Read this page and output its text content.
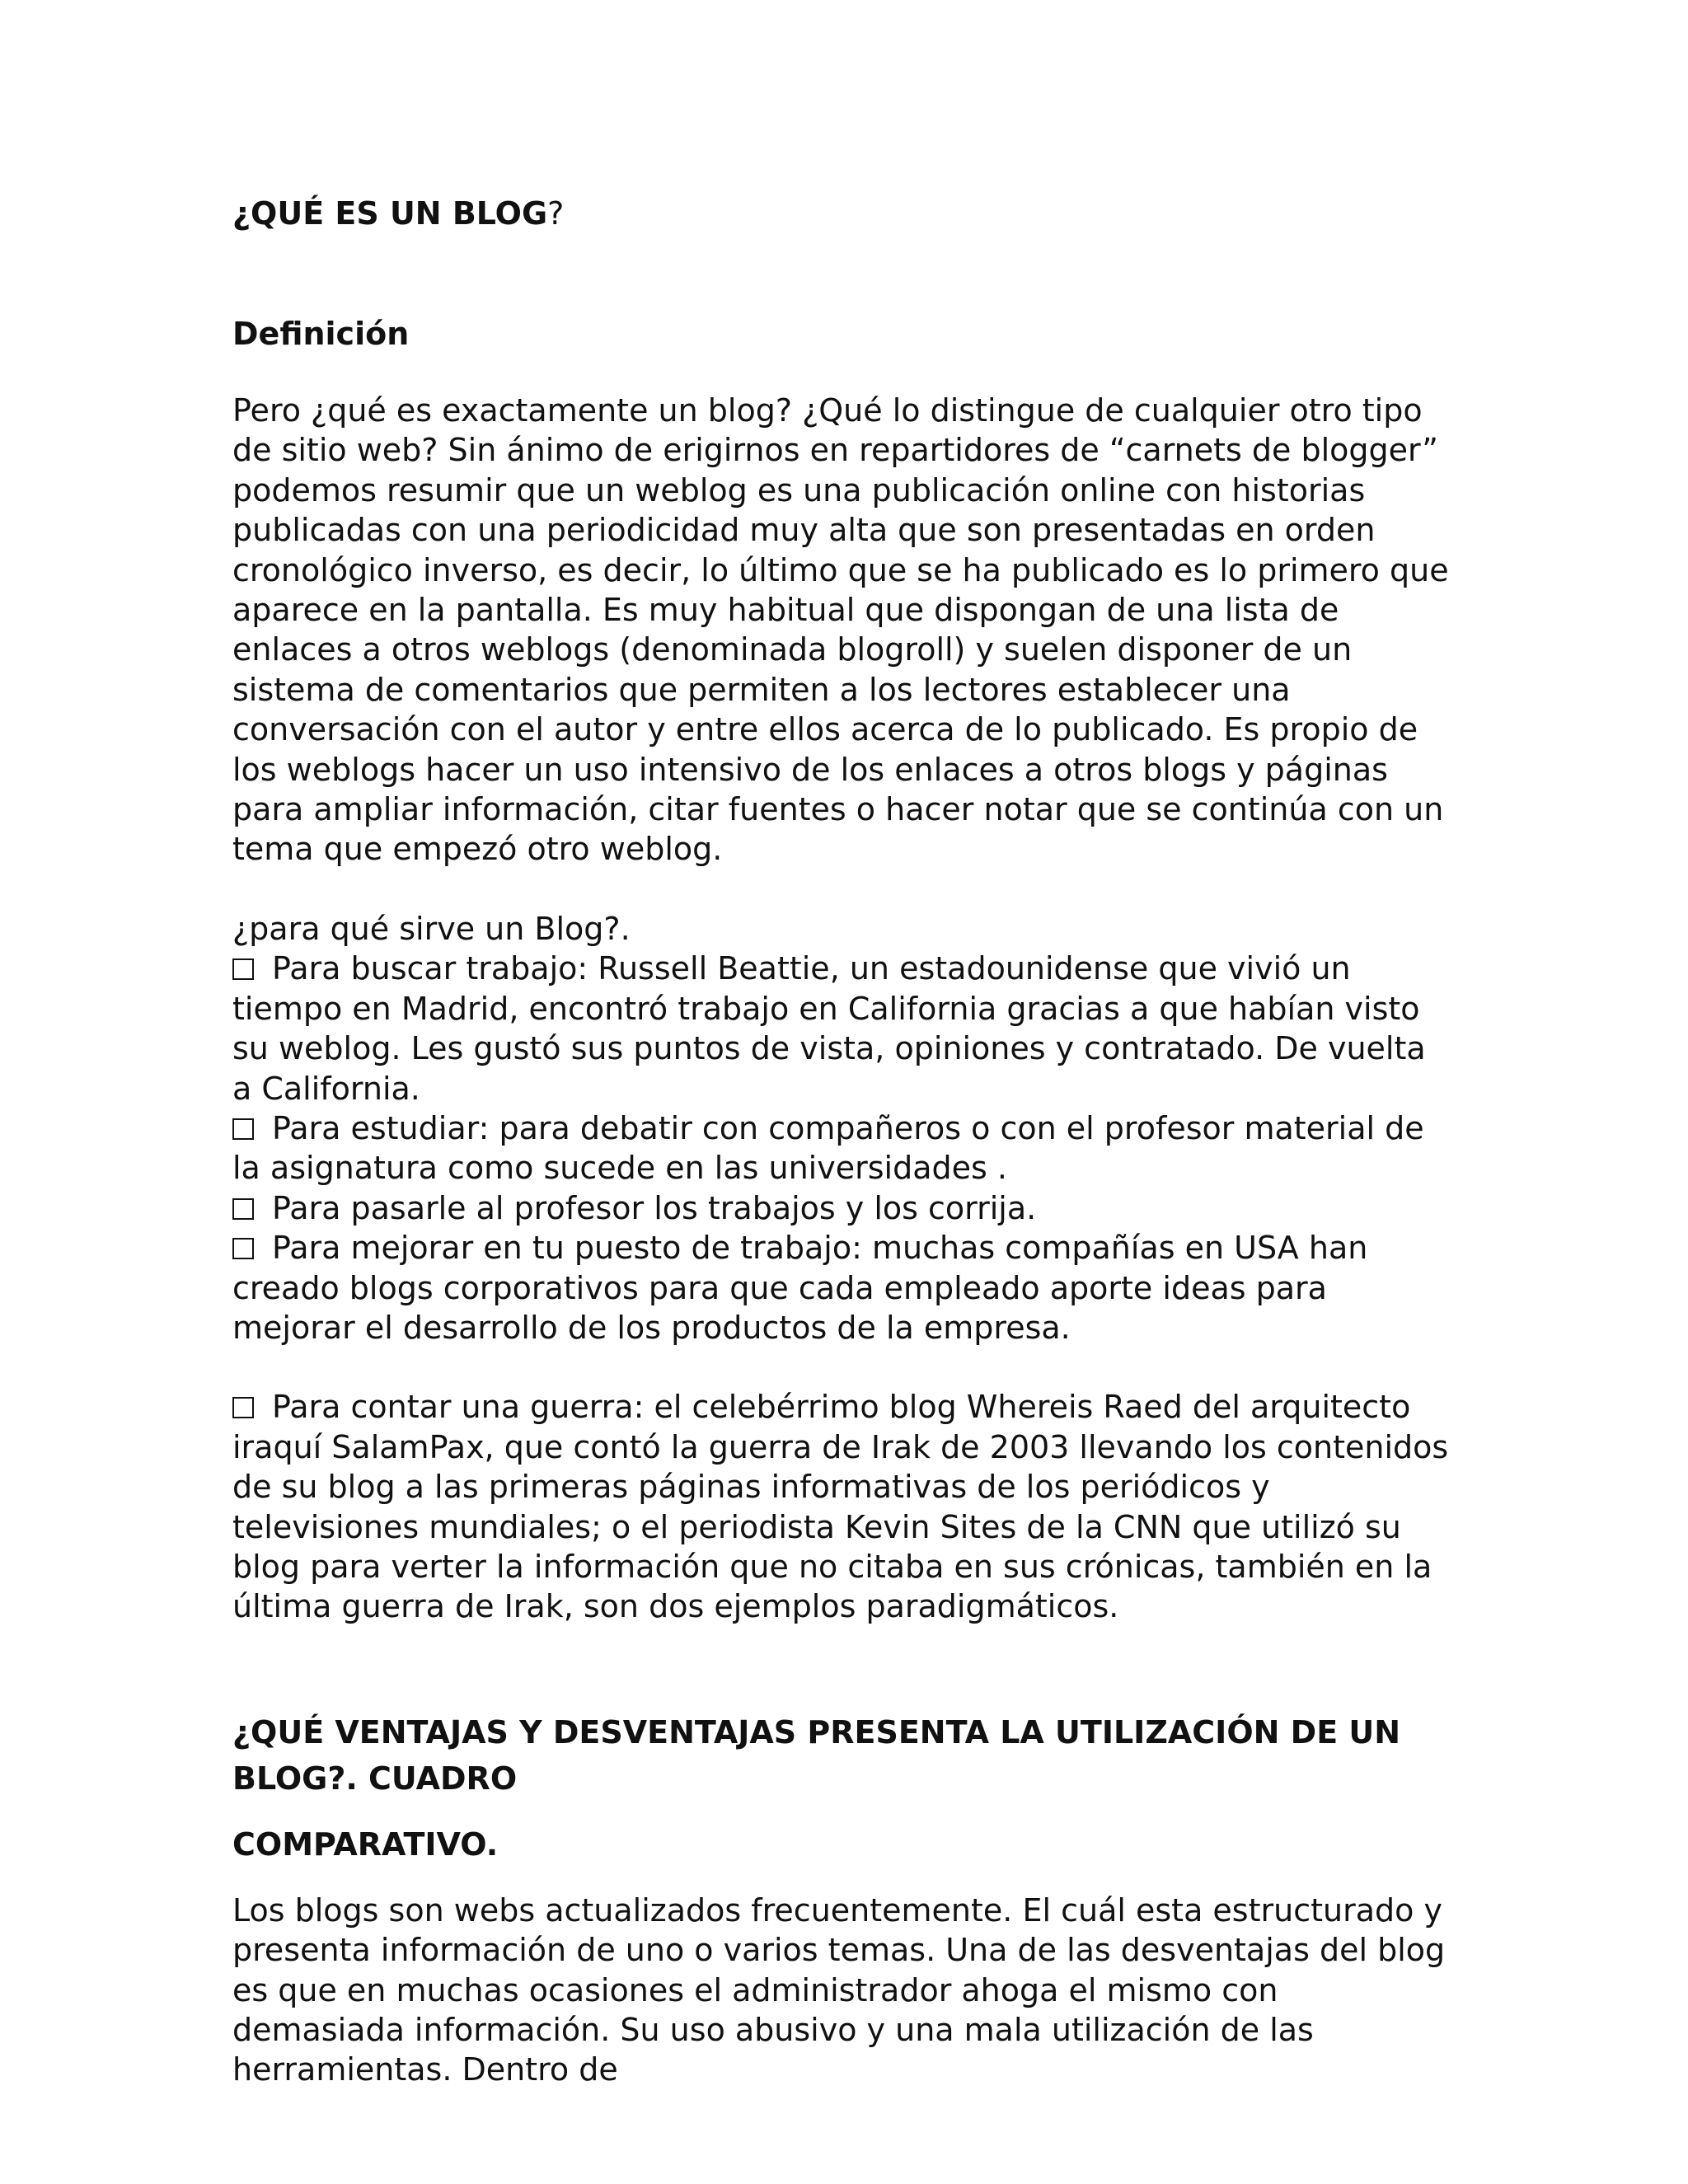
¿QUÉ ES UN BLOG?
Definición

Pero ¿qué es exactamente un blog? ¿Qué lo distingue de cualquier otro tipo de sitio web? Sin ánimo de erigirnos en repartidores de “carnets de blogger” podemos resumir que un weblog es una publicación online con historias publicadas con una periodicidad muy alta que son presentadas en orden cronológico inverso, es decir, lo último que se ha publicado es lo primero que aparece en la pantalla. Es muy habitual que dispongan de una lista de enlaces a otros weblogs (denominada blogroll) y suelen disponer de un sistema de comentarios que permiten a los lectores establecer una conversación con el autor y entre ellos acerca de lo publicado. Es propio de los weblogs hacer un uso intensivo de los enlaces a otros blogs y páginas para ampliar información, citar fuentes o hacer notar que se continúa con un tema que empezó otro weblog.

¿para qué sirve un Blog?.

Para buscar trabajo: Russell Beattie, un estadounidense que vivió un tiempo en Madrid, encontró trabajo en California gracias a que habían visto su weblog. Les gustó sus puntos de vista, opiniones y contratado. De vuelta a California.
Para estudiar: para debatir con compañeros o con el profesor material de la asignatura como sucede en las universidades .
Para pasarle al profesor los trabajos y los corrija.
Para mejorar en tu puesto de trabajo: muchas compañías en USA han creado blogs corporativos para que cada empleado aporte ideas para mejorar el desarrollo de los productos de la empresa.
Para contar una guerra: el celebérrimo blog Whereis Raed del arquitecto iraquí SalamPax, que contó la guerra de Irak de 2003 llevando los contenidos de su blog a las primeras páginas informativas de los periódicos y televisiones mundiales; o el periodista Kevin Sites de la CNN que utilizó su blog para verter la información que no citaba en sus crónicas, también en la última guerra de Irak, son dos ejemplos paradigmáticos.
¿QUÉ VENTAJAS Y DESVENTAJAS PRESENTA LA UTILIZACIÓN DE UN
BLOG?. CUADRO
COMPARATIVO.

Los blogs son webs actualizados frecuentemente. El cuál esta estructurado y presenta información de uno o varios temas. Una de las desventajas del blog es que en muchas ocasiones el administrador ahoga el mismo con demasiada información. Su uso abusivo y una mala utilización de las herramientas. Dentro de
